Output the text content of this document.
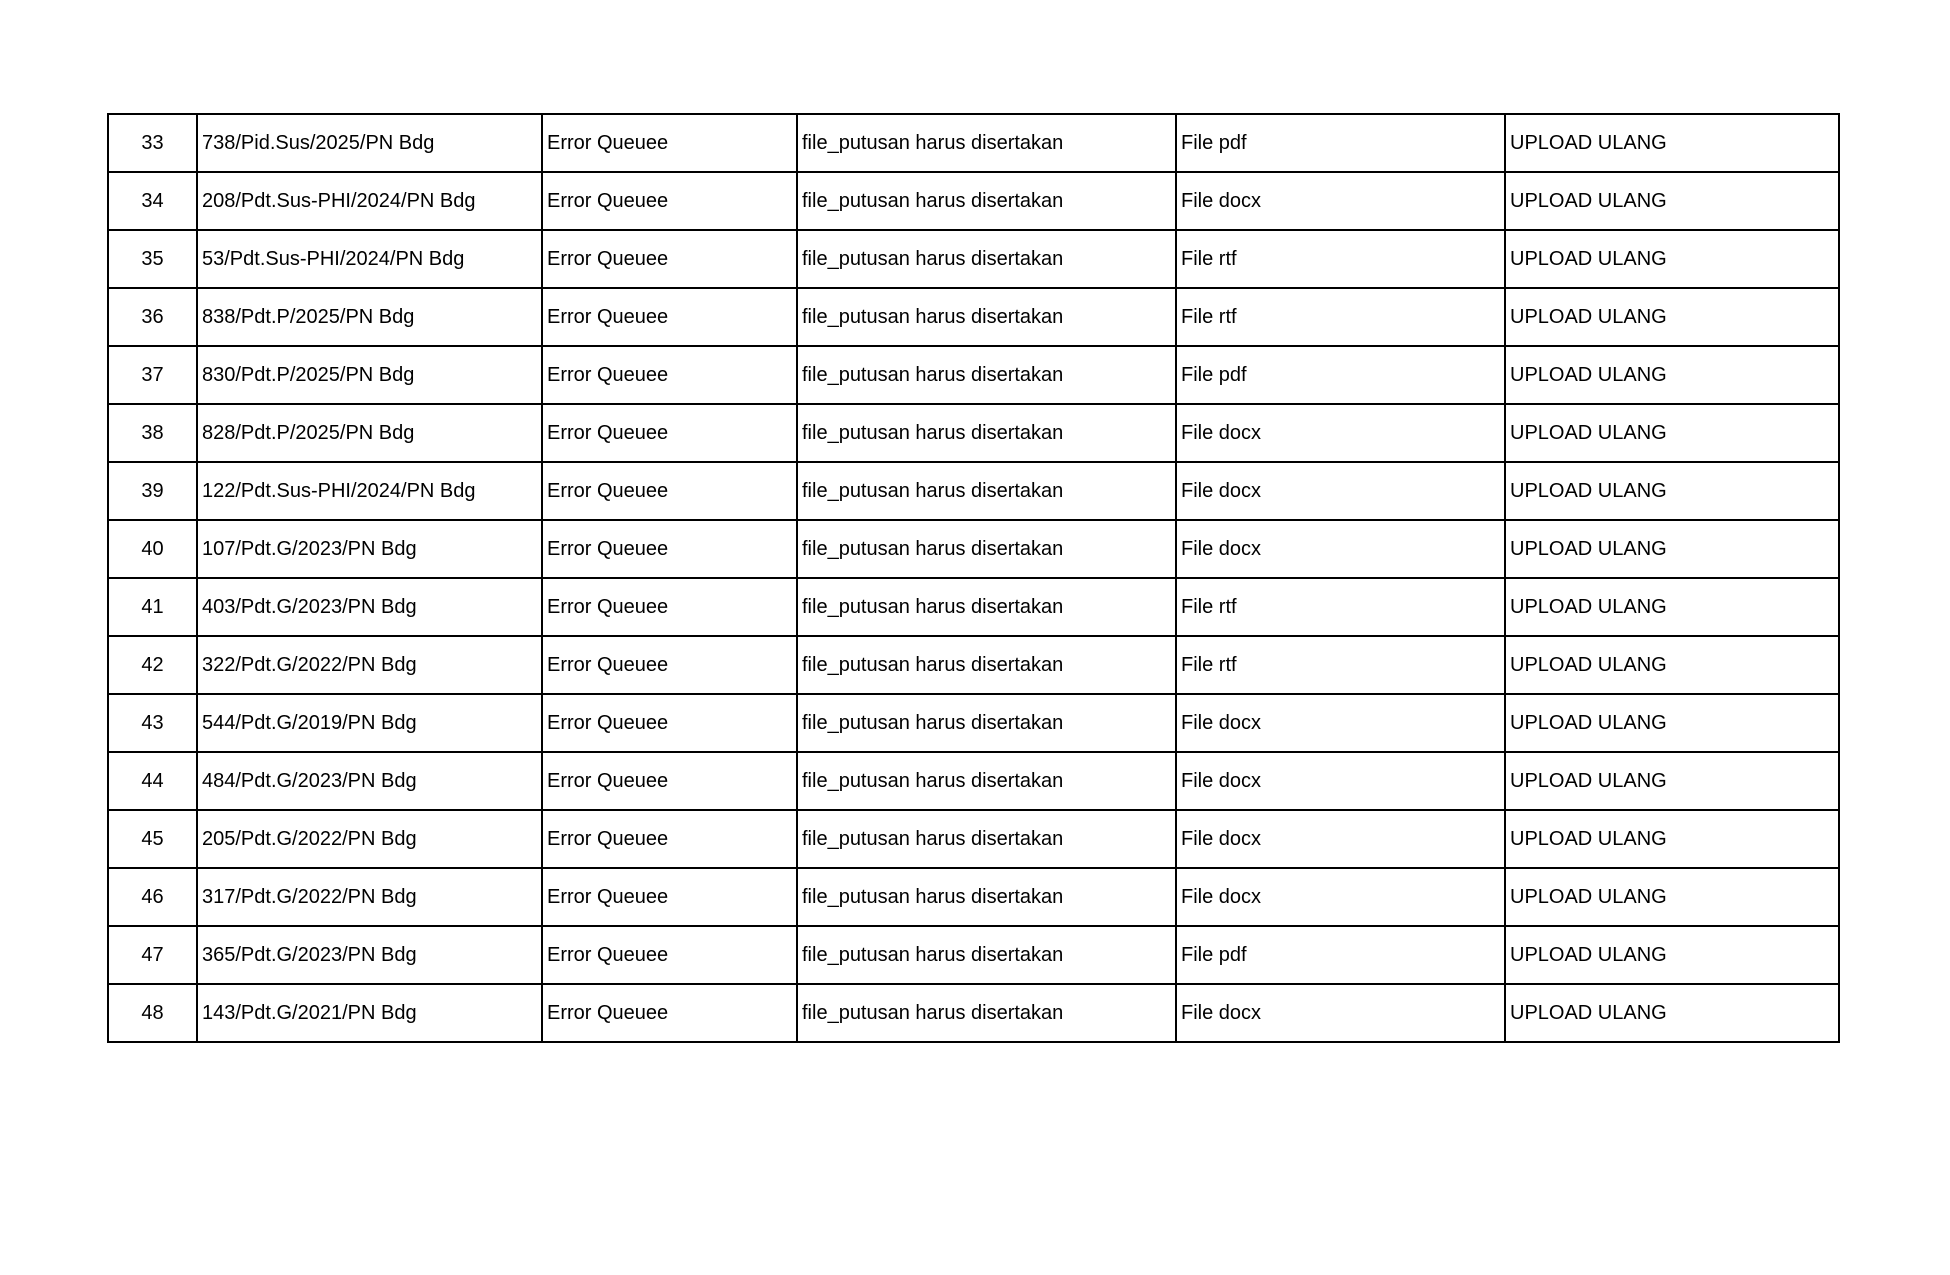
33	738/Pid.Sus/2025/PN Bdg	Error Queuee	file_putusan harus disertakan	File pdf	UPLOAD ULANG
34	208/Pdt.Sus-PHI/2024/PN Bdg	Error Queuee	file_putusan harus disertakan	File docx	UPLOAD ULANG
35	53/Pdt.Sus-PHI/2024/PN Bdg	Error Queuee	file_putusan harus disertakan	File rtf	UPLOAD ULANG
36	838/Pdt.P/2025/PN Bdg	Error Queuee	file_putusan harus disertakan	File rtf	UPLOAD ULANG
37	830/Pdt.P/2025/PN Bdg	Error Queuee	file_putusan harus disertakan	File pdf	UPLOAD ULANG
38	828/Pdt.P/2025/PN Bdg	Error Queuee	file_putusan harus disertakan	File docx	UPLOAD ULANG
39	122/Pdt.Sus-PHI/2024/PN Bdg	Error Queuee	file_putusan harus disertakan	File docx	UPLOAD ULANG
40	107/Pdt.G/2023/PN Bdg	Error Queuee	file_putusan harus disertakan	File docx	UPLOAD ULANG
41	403/Pdt.G/2023/PN Bdg	Error Queuee	file_putusan harus disertakan	File rtf	UPLOAD ULANG
42	322/Pdt.G/2022/PN Bdg	Error Queuee	file_putusan harus disertakan	File rtf	UPLOAD ULANG
43	544/Pdt.G/2019/PN Bdg	Error Queuee	file_putusan harus disertakan	File docx	UPLOAD ULANG
44	484/Pdt.G/2023/PN Bdg	Error Queuee	file_putusan harus disertakan	File docx	UPLOAD ULANG
45	205/Pdt.G/2022/PN Bdg	Error Queuee	file_putusan harus disertakan	File docx	UPLOAD ULANG
46	317/Pdt.G/2022/PN Bdg	Error Queuee	file_putusan harus disertakan	File docx	UPLOAD ULANG
47	365/Pdt.G/2023/PN Bdg	Error Queuee	file_putusan harus disertakan	File pdf	UPLOAD ULANG
48	143/Pdt.G/2021/PN Bdg	Error Queuee	file_putusan harus disertakan	File docx	UPLOAD ULANG
